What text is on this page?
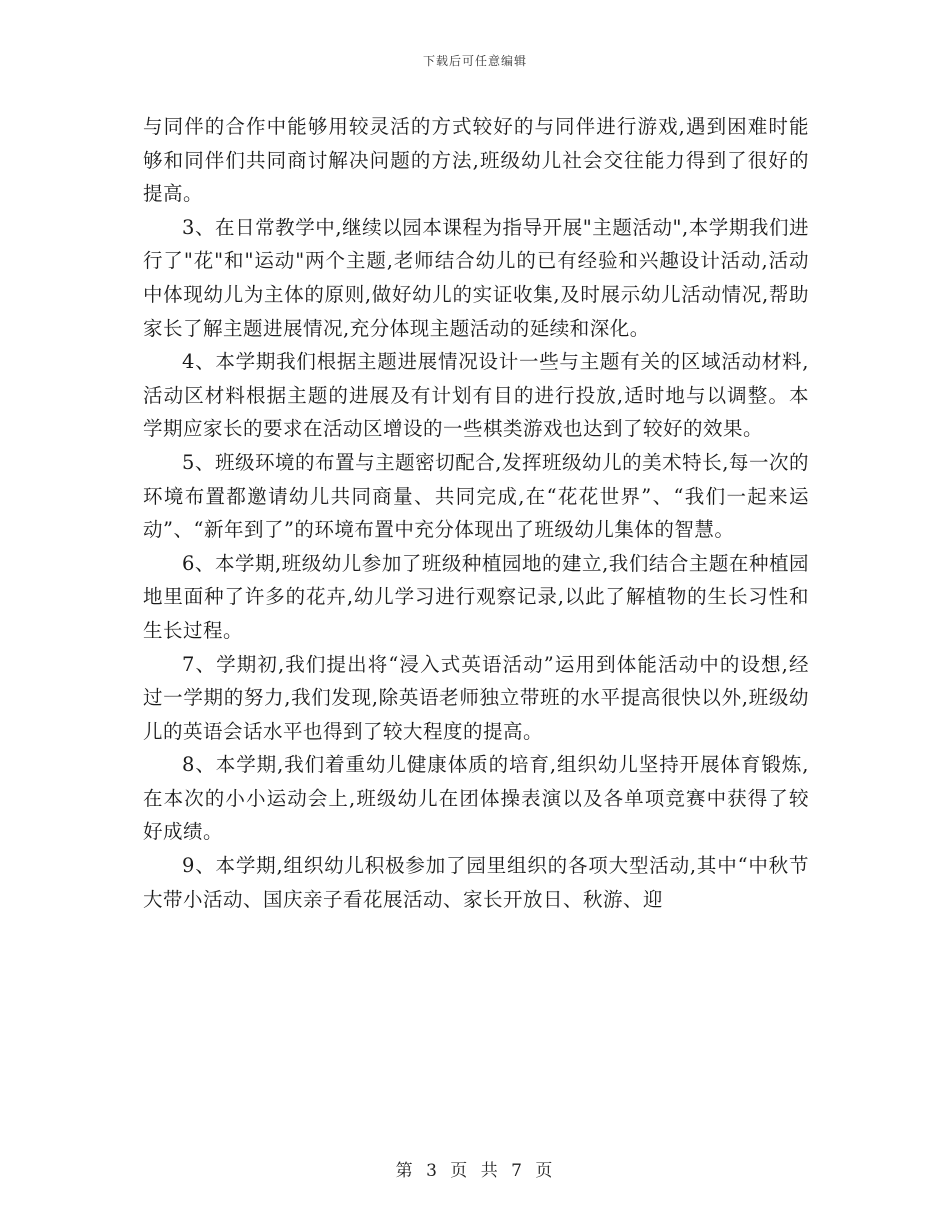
下载后可任意编辑

与同伴的合作中能够用较灵活的方式较好的与同伴进行游戏,遇到困难时能够和同伴们共同商讨解决问题的方法,班级幼儿社会交往能力得到了很好的提高。

3、在日常教学中,继续以园本课程为指导开展"主题活动",本学期我们进行了"花"和"运动"两个主题,老师结合幼儿的已有经验和兴趣设计活动,活动中体现幼儿为主体的原则,做好幼儿的实证收集,及时展示幼儿活动情况,帮助家长了解主题进展情况,充分体现主题活动的延续和深化。

4、本学期我们根据主题进展情况设计一些与主题有关的区域活动材料,活动区材料根据主题的进展及有计划有目的进行投放,适时地与以调整。本学期应家长的要求在活动区增设的一些棋类游戏也达到了较好的效果。

5、班级环境的布置与主题密切配合,发挥班级幼儿的美术特长,每一次的环境布置都邀请幼儿共同商量、共同完成,在“花花世界”、“我们一起来运动”、“新年到了”的环境布置中充分体现出了班级幼儿集体的智慧。

6、本学期,班级幼儿参加了班级种植园地的建立,我们结合主题在种植园地里面种了许多的花卉,幼儿学习进行观察记录,以此了解植物的生长习性和生长过程。

7、学期初,我们提出将“浸入式英语活动”运用到体能活动中的设想,经过一学期的努力,我们发现,除英语老师独立带班的水平提高很快以外,班级幼儿的英语会话水平也得到了较大程度的提高。

8、本学期,我们着重幼儿健康体质的培育,组织幼儿坚持开展体育锻炼,在本次的小小运动会上,班级幼儿在团体操表演以及各单项竞赛中获得了较好成绩。

9、本学期,组织幼儿积极参加了园里组织的各项大型活动,其中“中秋节大带小活动、国庆亲子看花展活动、家长开放日、秋游、迎

第 3 页 共 7 页
